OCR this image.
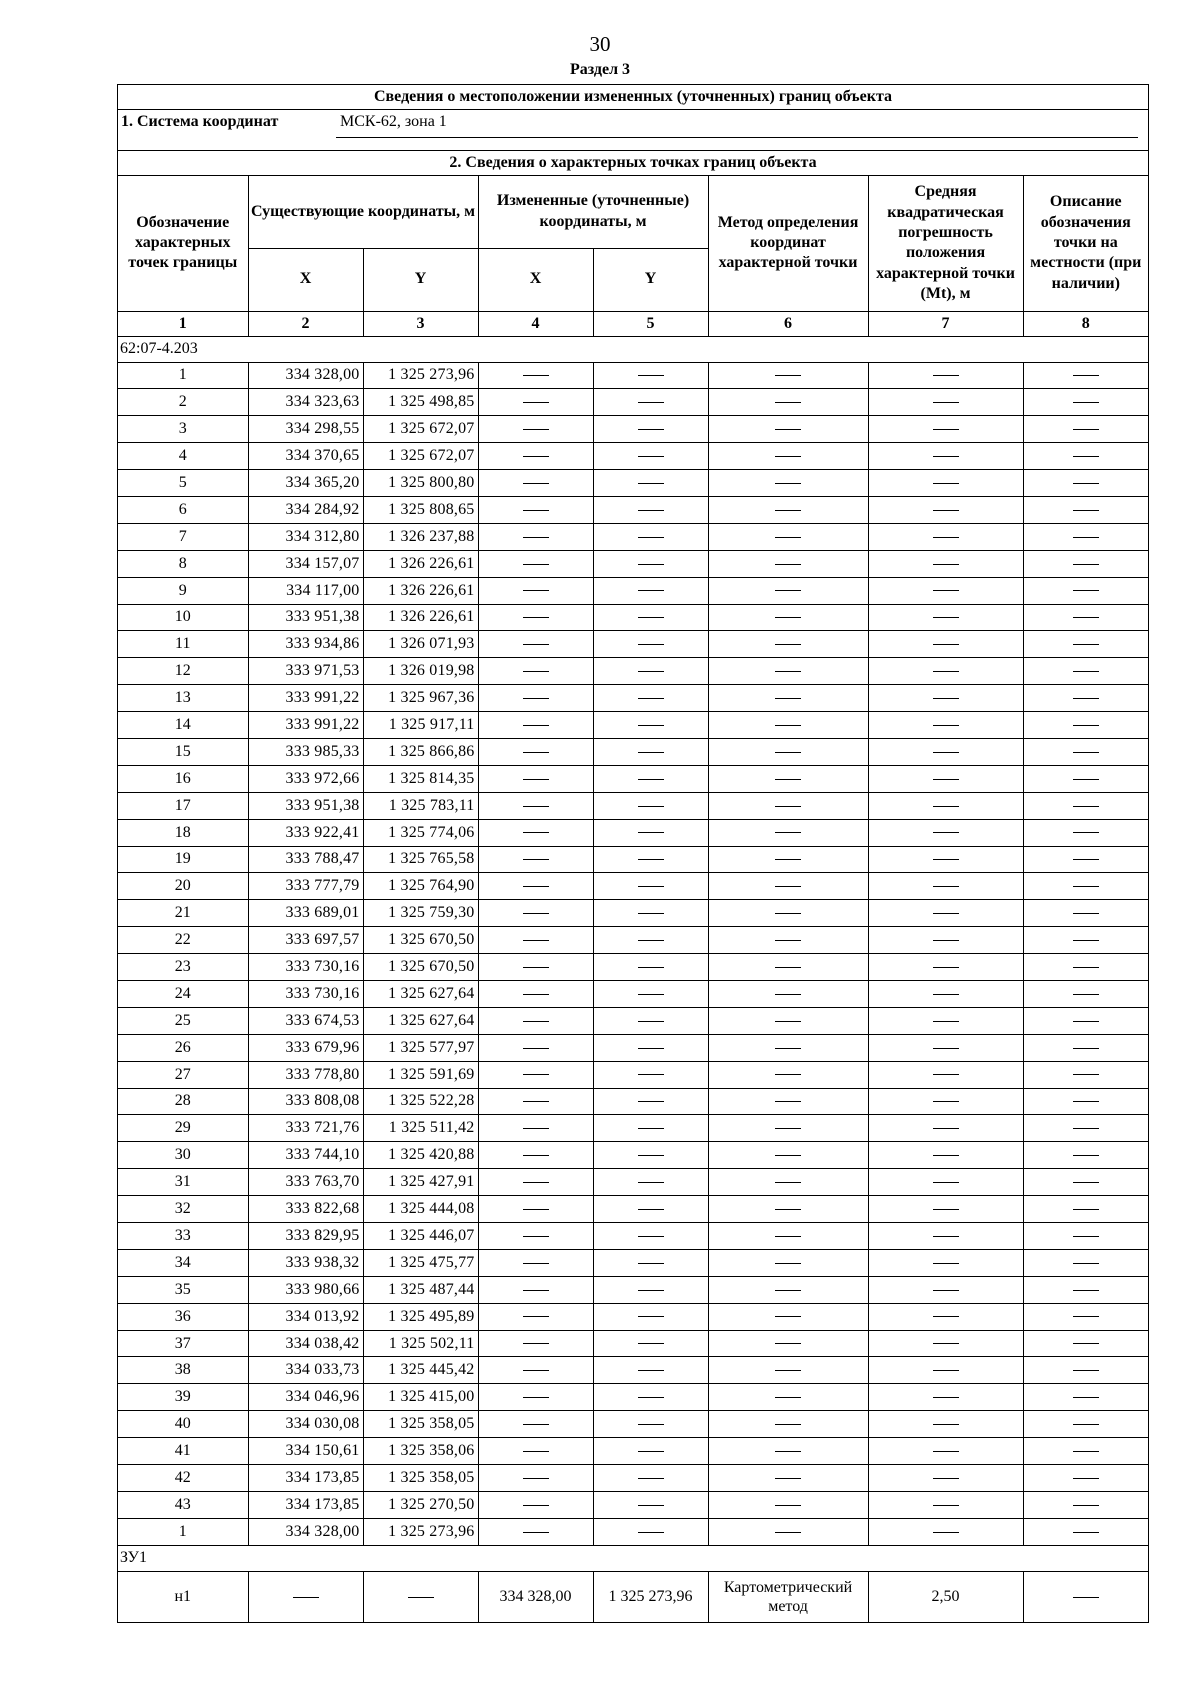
30
Раздел 3
Сведения о местоположении измененных (уточненных) границ объекта
1. Система координат	МСК-62, зона 1
2. Сведения о характерных точках границ объекта
Обозначение характерных точек границы	Существующие координаты, м		Измененные (уточненные) координаты, м		Метод определения координат характерной точки	Средняя квадратическая погрешность положения характерной точки (Mt), м	Описание обозначения точки на местности (при наличии)
	X	Y	X	Y			
1	2	3	4	5	6	7	8
62:07-4.203							
1	334 328,00	1 325 273,96					
2	334 323,63	1 325 498,85					
3	334 298,55	1 325 672,07					
4	334 370,65	1 325 672,07					
5	334 365,20	1 325 800,80					
6	334 284,92	1 325 808,65					
7	334 312,80	1 326 237,88					
8	334 157,07	1 326 226,61					
9	334 117,00	1 326 226,61					
10	333 951,38	1 326 226,61					
11	333 934,86	1 326 071,93					
12	333 971,53	1 326 019,98					
13	333 991,22	1 325 967,36					
14	333 991,22	1 325 917,11					
15	333 985,33	1 325 866,86					
16	333 972,66	1 325 814,35					
17	333 951,38	1 325 783,11					
18	333 922,41	1 325 774,06					
19	333 788,47	1 325 765,58					
20	333 777,79	1 325 764,90					
21	333 689,01	1 325 759,30					
22	333 697,57	1 325 670,50					
23	333 730,16	1 325 670,50					
24	333 730,16	1 325 627,64					
25	333 674,53	1 325 627,64					
26	333 679,96	1 325 577,97					
27	333 778,80	1 325 591,69					
28	333 808,08	1 325 522,28					
29	333 721,76	1 325 511,42					
30	333 744,10	1 325 420,88					
31	333 763,70	1 325 427,91					
32	333 822,68	1 325 444,08					
33	333 829,95	1 325 446,07					
34	333 938,32	1 325 475,77					
35	333 980,66	1 325 487,44					
36	334 013,92	1 325 495,89					
37	334 038,42	1 325 502,11					
38	334 033,73	1 325 445,42					
39	334 046,96	1 325 415,00					
40	334 030,08	1 325 358,05					
41	334 150,61	1 325 358,06					
42	334 173,85	1 325 358,05					
43	334 173,85	1 325 270,50					
1	334 328,00	1 325 273,96					
ЗУ1							
н1			334 328,00	1 325 273,96	Картометрический метод	2,50	
